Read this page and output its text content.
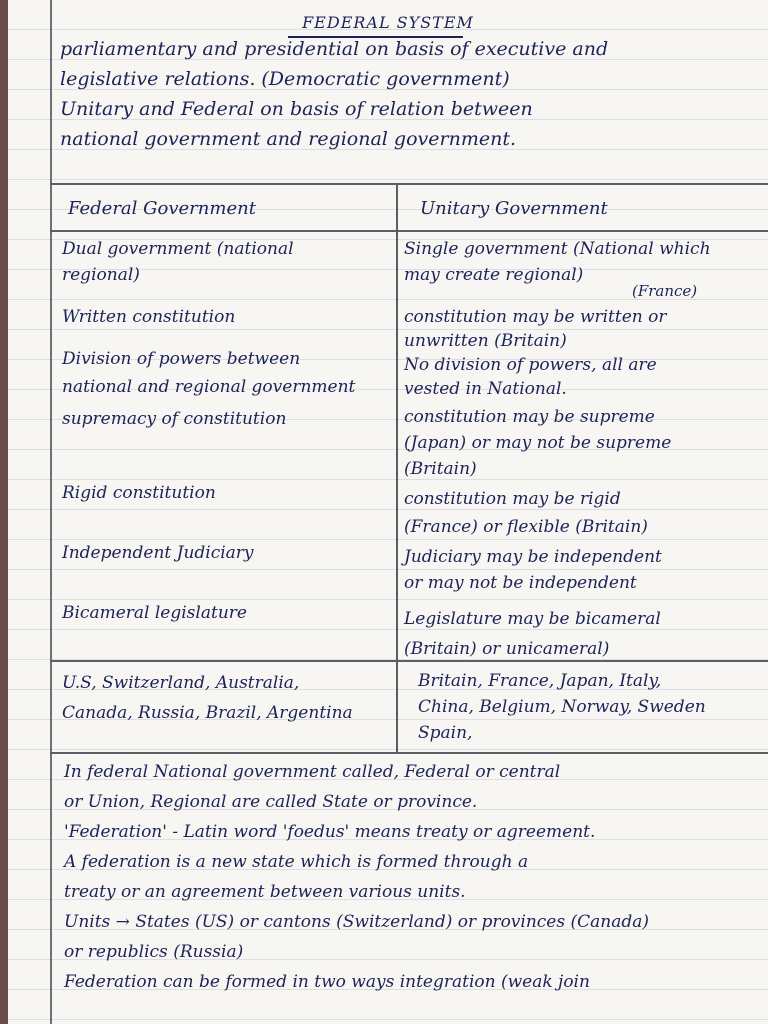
FEDERAL SYSTEM

parliamentary and presidential on basis of executive and

legislative relations. (Democratic government)

Unitary and Federal on basis of relation between

national government and regional government.

Federal Government	Unitary Government

Dual government (national

regional)

Written constitution

Division of powers between

national and regional government

supremacy of constitution

Rigid constitution

Independent Judiciary

Bicameral legislature

Single government (National which

may create regional)

(France)

constitution may be written or

unwritten (Britain)

No division of powers, all are

vested in National.

constitution may be supreme

(Japan) or may not be supreme

(Britain)

constitution may be rigid

(France) or flexible (Britain)

Judiciary may be independent

or may not be independent

Legislature may be bicameral

(Britain) or unicameral)

U.S, Switzerland, Australia,

Canada, Russia, Brazil, Argentina

Britain, France, Japan, Italy,

China, Belgium, Norway, Sweden

Spain,

In federal National government called, Federal or central

or Union, Regional are called State or province.

'Federation' - Latin word 'foedus' means treaty or agreement.

A federation is a new state which is formed through a

treaty or an agreement between various units.

Units → States (US) or cantons (Switzerland) or provinces (Canada)

or republics (Russia)

Federation can be formed in two ways integration (weak join
